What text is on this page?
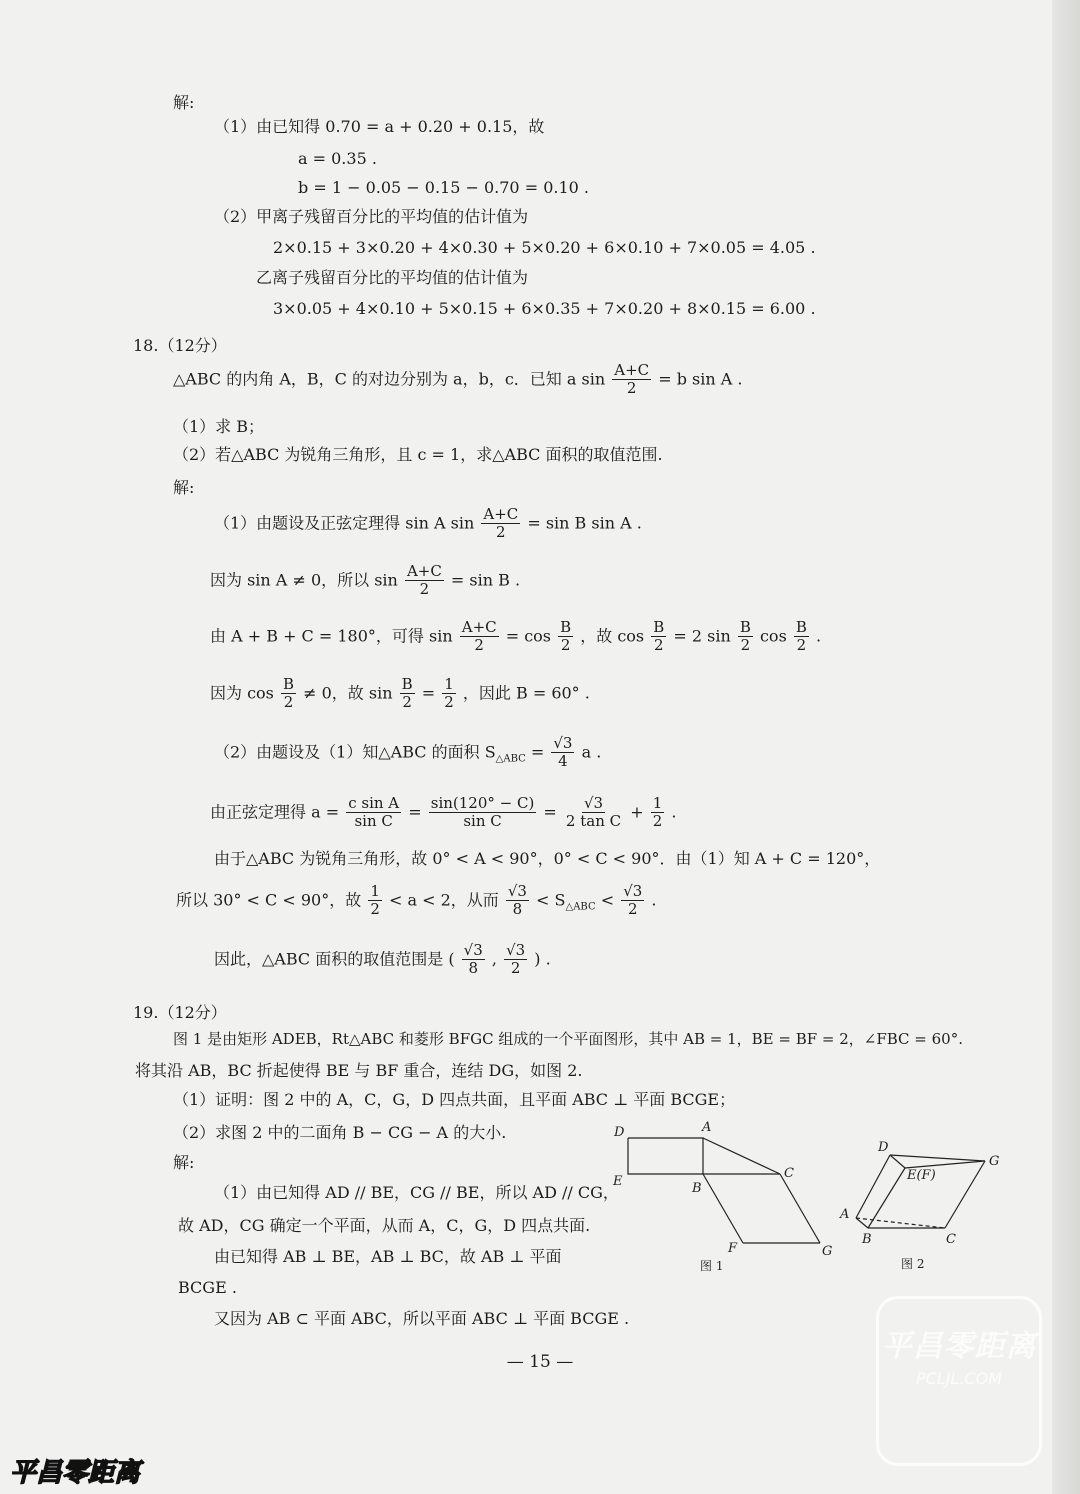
解:
（1）由已知得 0.70 = a + 0.20 + 0.15，故
a = 0.35 .
b = 1 − 0.05 − 0.15 − 0.70 = 0.10 .
（2）甲离子残留百分比的平均值的估计值为
2×0.15 + 3×0.20 + 4×0.30 + 5×0.20 + 6×0.10 + 7×0.05 = 4.05 .
乙离子残留百分比的平均值的估计值为
3×0.05 + 4×0.10 + 5×0.15 + 6×0.35 + 7×0.20 + 8×0.15 = 6.00 .
18.（12分）
△ABC 的内角 A，B，C 的对边分别为 a，b，c．已知 a $\sin \frac{A+C}{2} = b$ sin A .
（1）求 B；
（2）若△ABC 为锐角三角形，且 c = 1，求△ABC 面积的取值范围.
解:
（1）由题设及正弦定理得 sin A $\sin \frac{A+C}{2} = \sin B$ sin A .
因为 sin A ≠ 0，所以 $\sin \frac{A+C}{2} = \sin B$ .
由 A + B + C = 180°，可得 $\sin \frac{A+C}{2} = \cos \frac{B}{2}$ ，故 $\cos \frac{B}{2} = 2$ $\sin \frac{B}{2}$ $\cos \frac{B}{2}$ .
因为 $\cos \frac{B}{2} \ne 0$，故 $\sin \frac{B}{2} = \frac{1}{2}$ ，因此 B = 60° .
（2）由题设及（1）知△ABC 的面积 $S_{\triangle ABC} = \frac{√3}{4}$ a .
由正弦定理得 $a = \frac{\text{c sin A}}{\text{sin C}} = \frac{\sin(120^\circ - C)}{\text{sin C}} = \frac{√3}{\text{2 tan C}} + \frac{1}{2}$ .
由于△ABC 为锐角三角形，故 0° < A < 90°，0° < C < 90°．由（1）知 A + C = 120°，
所以 30° < C < 90°，故 $\frac{1}{2} < a < 2$，从而 $\frac{√3}{8} < S_{\triangle ABC} < \frac{√3}{2}$ .
因此，△ABC 面积的取值范围是 ( $\frac{√3}{8}$ , $\frac{√3}{2}$ ) .
19.（12分）
图 1 是由矩形 ADEB，Rt△ABC 和菱形 BFGC 组成的一个平面图形，其中 AB = 1，BE = BF = 2，∠FBC = 60°.
将其沿 AB，BC 折起使得 BE 与 BF 重合，连结 DG，如图 2.
（1）证明：图 2 中的 A，C，G，D 四点共面，且平面 ABC ⊥ 平面 BCGE；
（2）求图 2 中的二面角 B − CG − A 的大小.
解:
（1）由已知得 AD // BE，CG // BE，所以 AD // CG，
故 AD，CG 确定一个平面，从而 A，C，G，D 四点共面.
由已知得 AB ⊥ BE，AB ⊥ BC，故 AB ⊥ 平面
BCGE .
又因为 AB ⊂ 平面 ABC，所以平面 ABC ⊥ 平面 BCGE .
D	A
C
E	B
F	G
图 1
D
E(F)
G
A
B	C
图 2
— 15 —	平昌零距离
PCLJL.COM
平昌零距离
